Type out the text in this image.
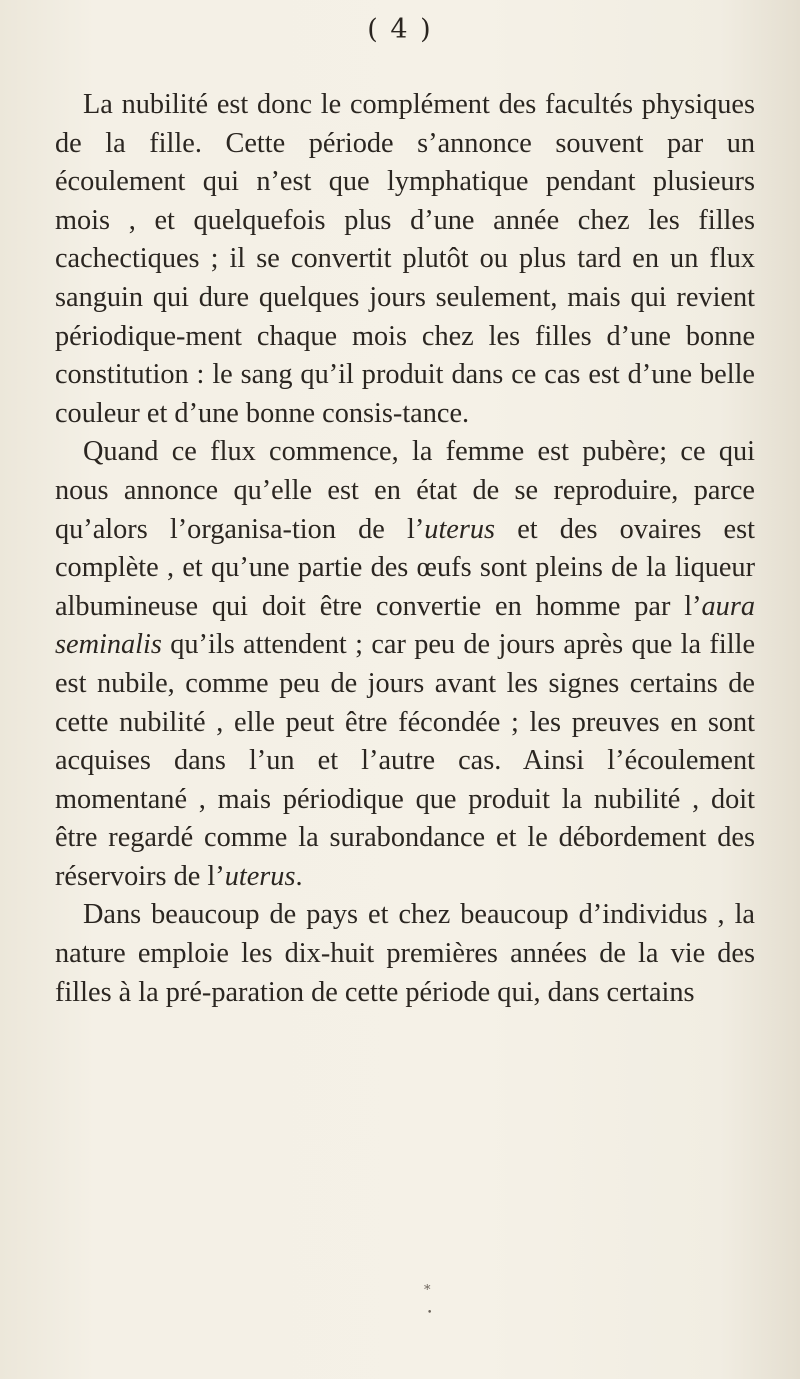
( 4 )

La nubilité est donc le complément des facultés physiques de la fille. Cette période s’annonce souvent par un écoulement qui n’est que lymphatique pendant plusieurs mois , et quelquefois plus d’une année chez les filles cachectiques ; il se convertit plutôt ou plus tard en un flux sanguin qui dure quelques jours seulement, mais qui revient périodique-ment chaque mois chez les filles d’une bonne constitution : le sang qu’il produit dans ce cas est d’une belle couleur et d’une bonne consis-tance.

Quand ce flux commence, la femme est pubère; ce qui nous annonce qu’elle est en état de se reproduire, parce qu’alors l’organisa-tion de l’uterus et des ovaires est complète , et qu’une partie des œufs sont pleins de la liqueur albumineuse qui doit être convertie en homme par l’aura seminalis qu’ils attendent ; car peu de jours après que la fille est nubile, comme peu de jours avant les signes certains de cette nubilité , elle peut être fécondée ; les preuves en sont acquises dans l’un et l’autre cas. Ainsi l’écoulement momentané , mais périodique que produit la nubilité , doit être regardé comme la surabondance et le débordement des réservoirs de l’uterus.

Dans beaucoup de pays et chez beaucoup d’individus , la nature emploie les dix-huit premières années de la vie des filles à la pré-paration de cette période qui, dans certains

*
•
